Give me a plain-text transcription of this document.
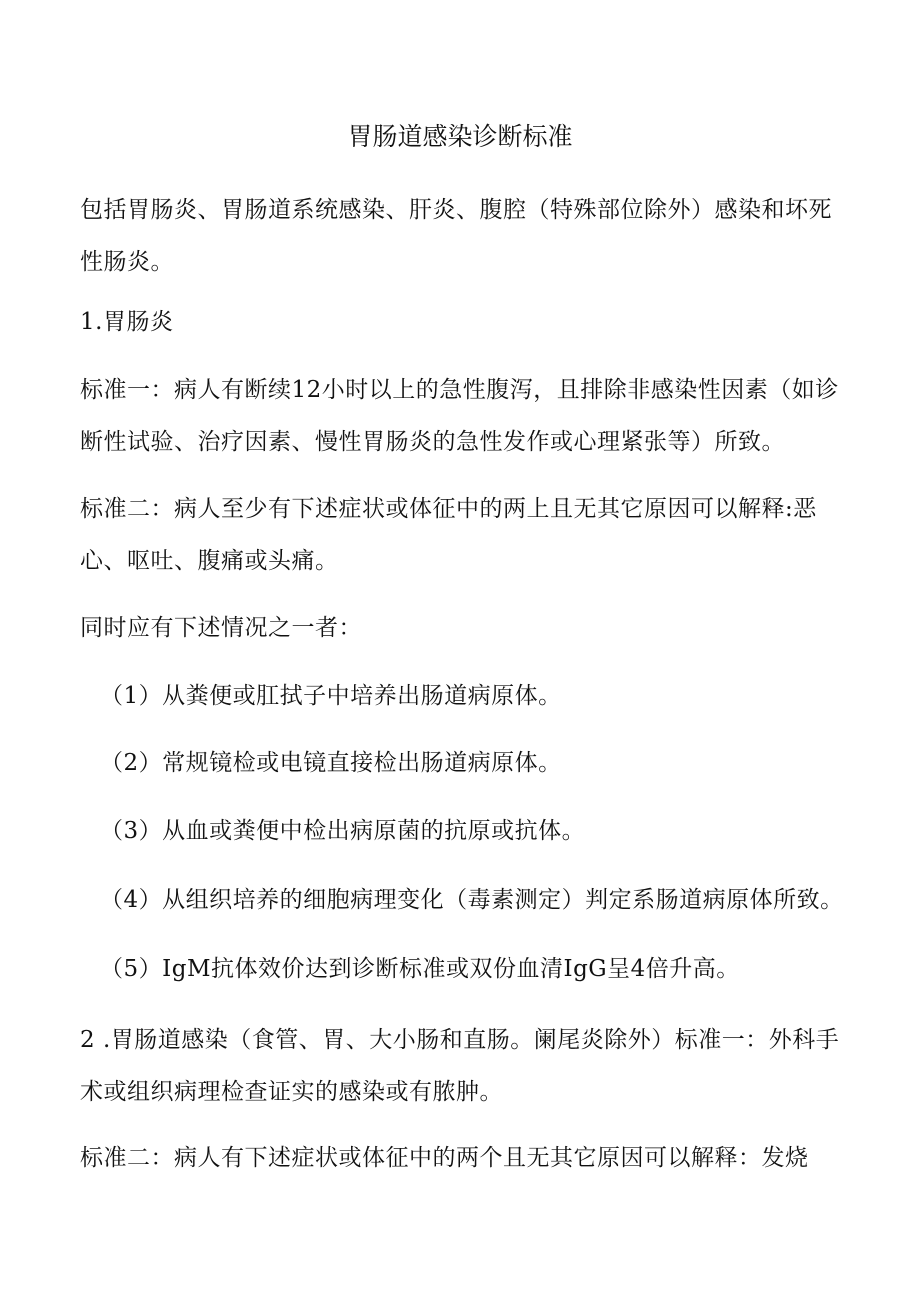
胃肠道感染诊断标准

包括胃肠炎、胃肠道系统感染、肝炎、腹腔（特殊部位除外）感染和坏死性肠炎。

1.胃肠炎

标准一：病人有断续12小时以上的急性腹泻，且排除非感染性因素（如诊断性试验、治疗因素、慢性胃肠炎的急性发作或心理紧张等）所致。

标准二：病人至少有下述症状或体征中的两上且无其它原因可以解释:恶心、呕吐、腹痛或头痛。

同时应有下述情况之一者：

（1）从粪便或肛拭子中培养出肠道病原体。

（2）常规镜检或电镜直接检出肠道病原体。

（3）从血或粪便中检出病原菌的抗原或抗体。

（4）从组织培养的细胞病理变化（毒素测定）判定系肠道病原体所致。

（5）IgM抗体效价达到诊断标准或双份血清IgG呈4倍升高。

2 .胃肠道感染（食管、胃、大小肠和直肠。阑尾炎除外）标准一：外科手术或组织病理检查证实的感染或有脓肿。

标准二：病人有下述症状或体征中的两个且无其它原因可以解释：发烧
